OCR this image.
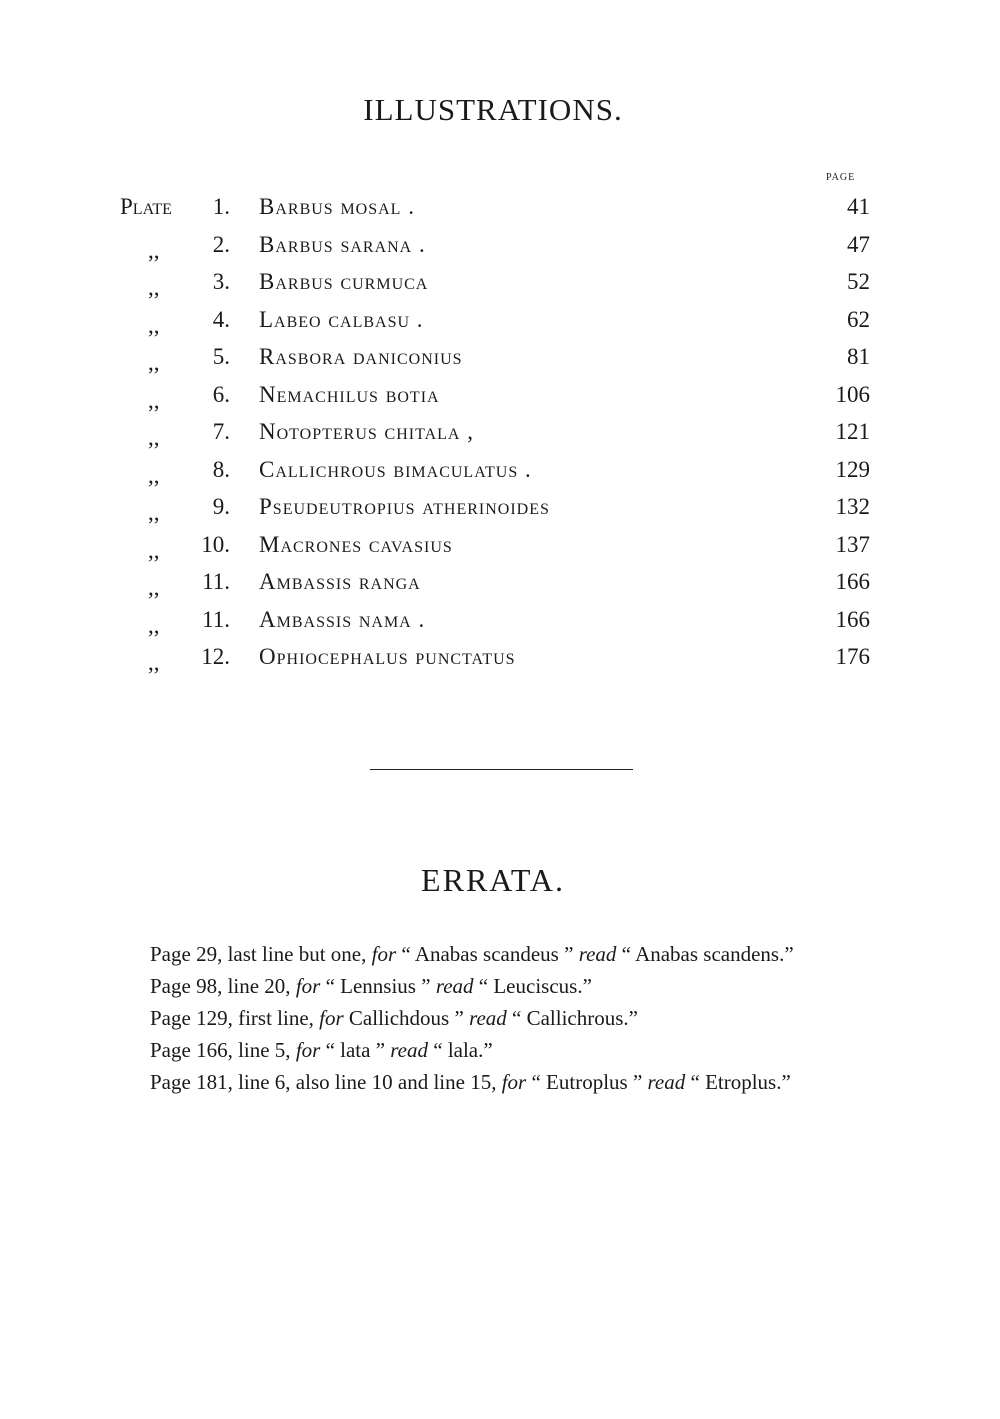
ILLUSTRATIONS.
PAGE
Plate 1. Barbus mosal .	41
,, 2. Barbus sarana .	47
,, 3. Barbus curmuca	52
,, 4. Labeo calbasu .	62
,, 5. Rasbora daniconius	81
,, 6. Nemachilus botia	106
,, 7. Notopterus chitala ,	121
,, 8. Callichrous bimaculatus .	129
,, 9. Pseudeutropius atherinoides	132
,, 10. Macrones cavasius	137
,, 11. Ambassis ranga	166
,, 11. Ambassis nama .	166
,, 12. Ophiocephalus punctatus	176
ERRATA.

Page 29, last line but one, for “ Anabas scandeus ” read “ Anabas scandens.”

Page 98, line 20, for “ Lennsius ” read “ Leuciscus.”

Page 129, first line, for Callichdous ” read “ Callichrous.”

Page 166, line 5, for “ lata ” read “ lala.”

Page 181, line 6, also line 10 and line 15, for “ Eutroplus ” read “ Etroplus.”
